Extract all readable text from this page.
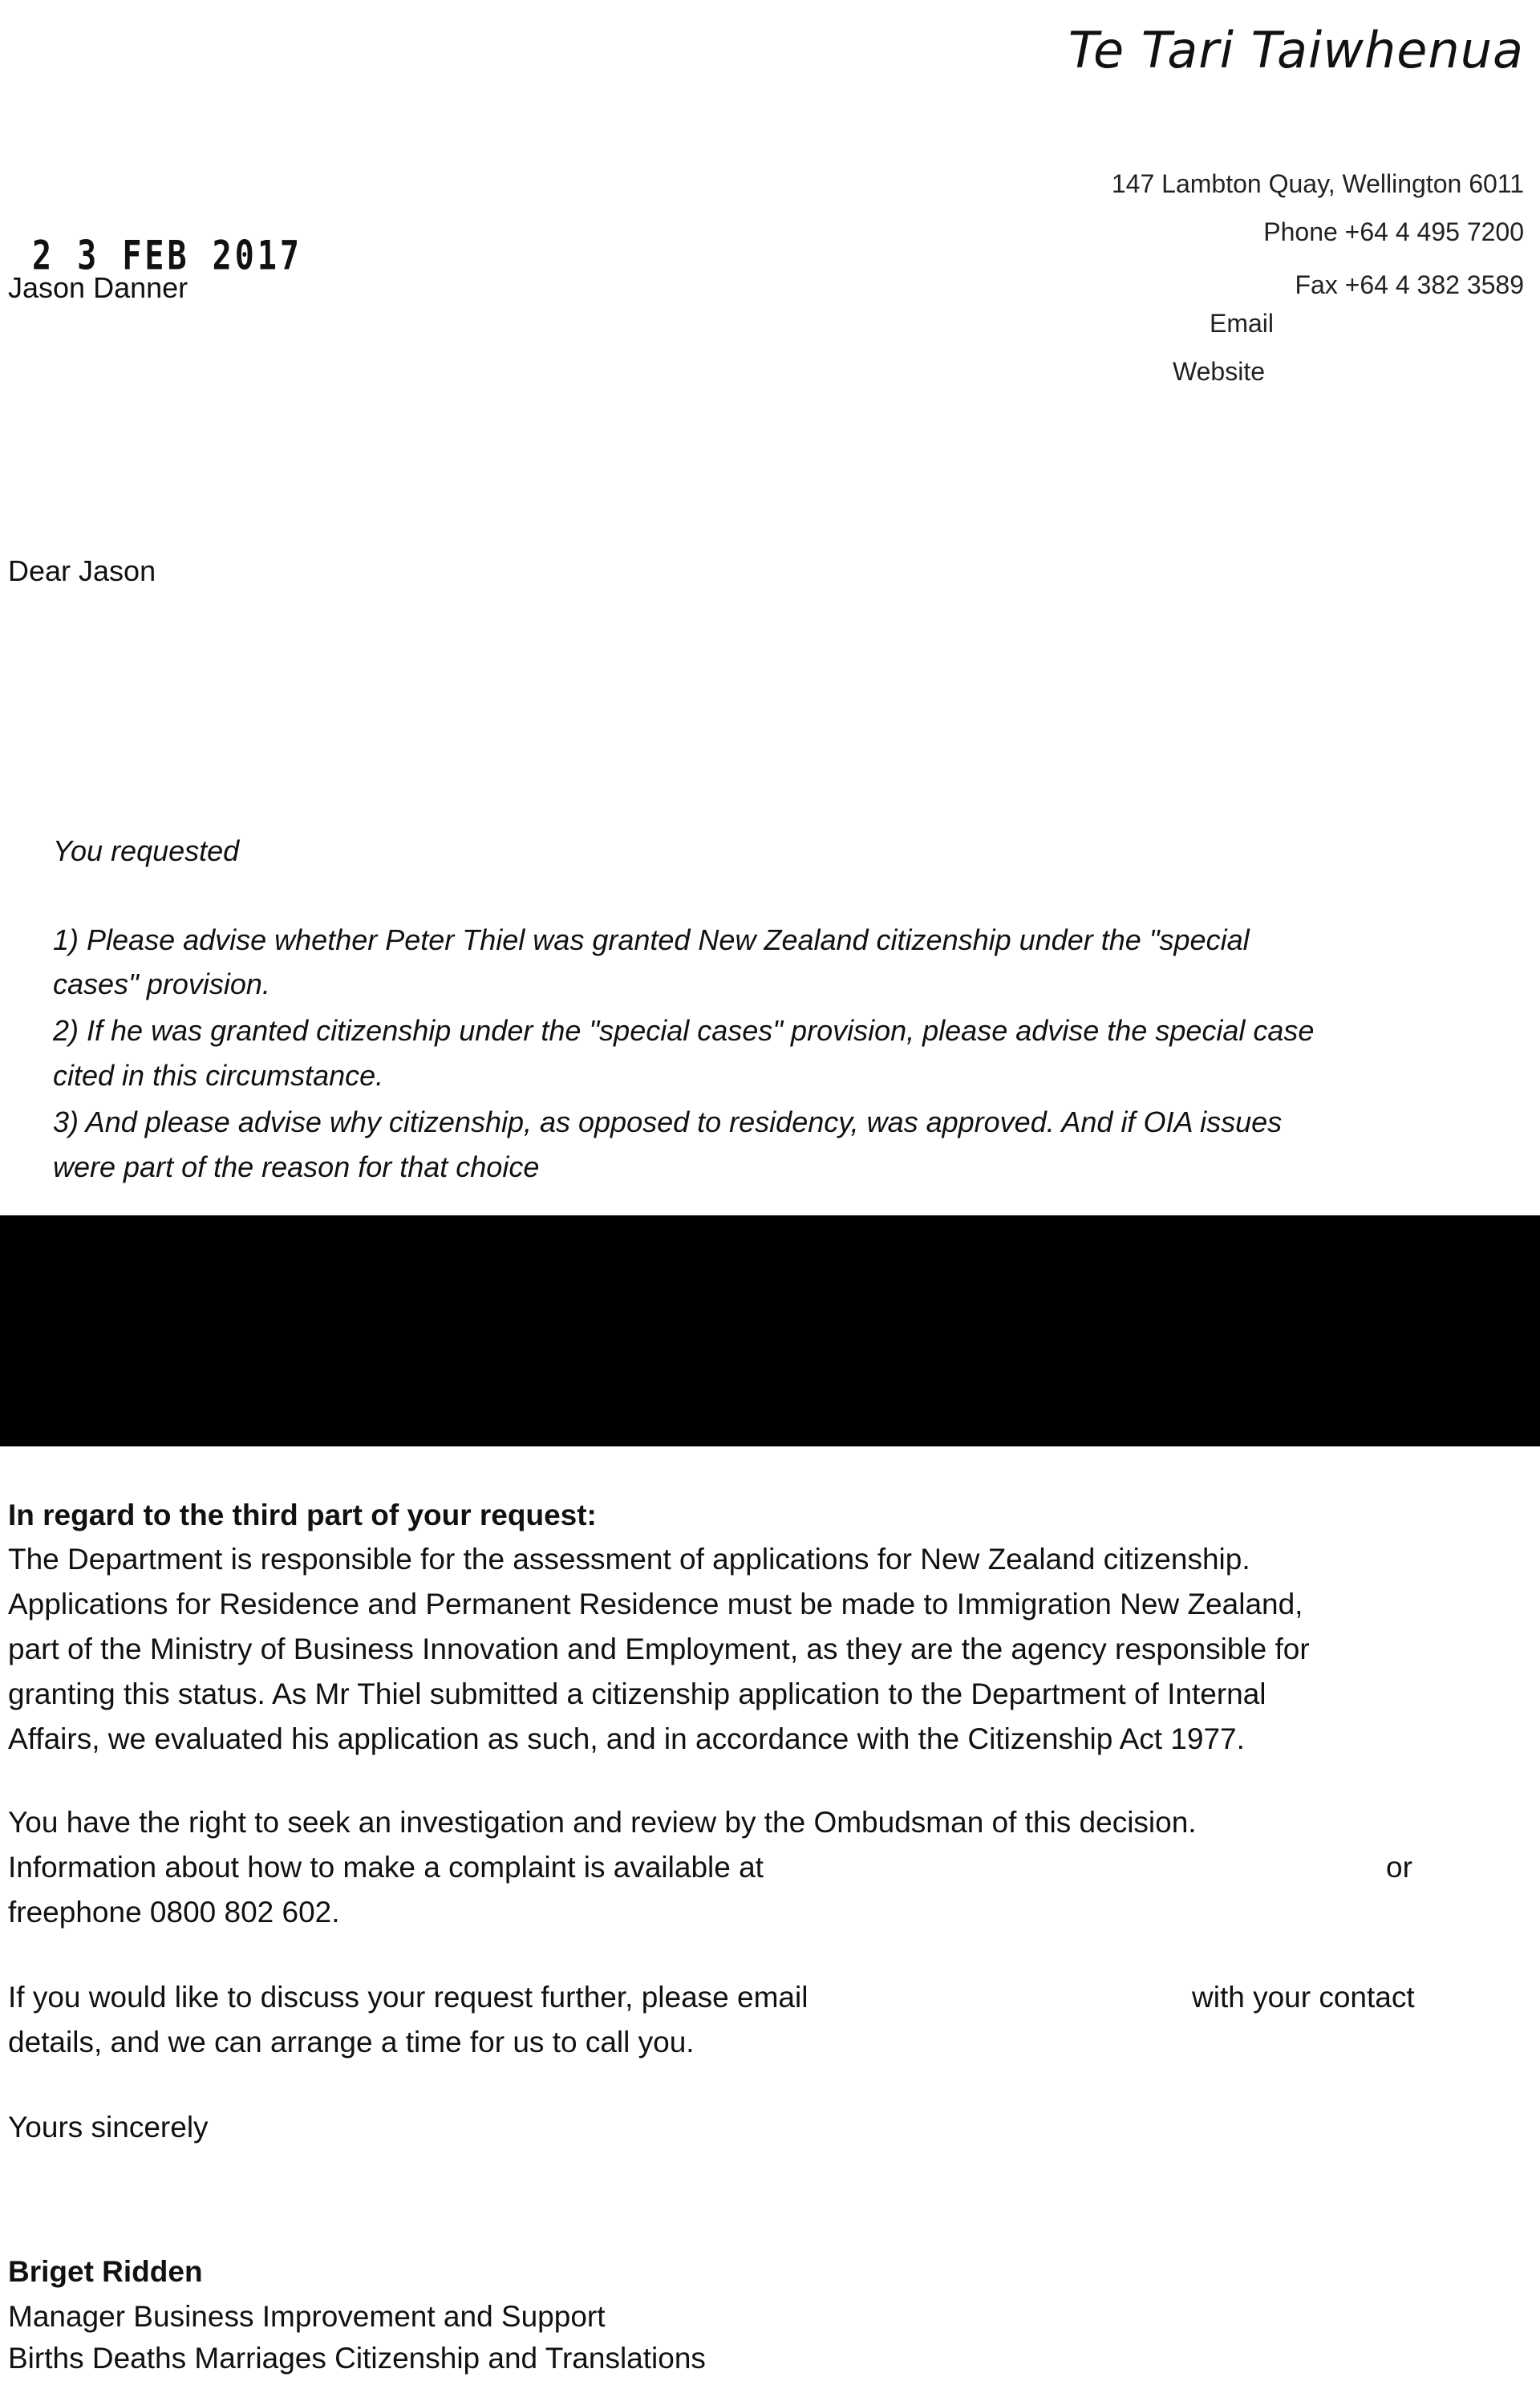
Te Tari Taiwhenua
147 Lambton Quay, Wellington 6011
Phone +64 4 495 7200
Fax +64 4 382 3589
Email
Website
2 3 FEB 2017
Jason Danner
Dear Jason
You requested
1) Please advise whether Peter Thiel was granted New Zealand citizenship under the "special
cases" provision.
2) If he was granted citizenship under the "special cases" provision, please advise the special case
cited in this circumstance.
3) And please advise why citizenship, as opposed to residency, was approved. And if OIA issues
were part of the reason for that choice
In regard to the third part of your request:
The Department is responsible for the assessment of applications for New Zealand citizenship.
Applications for Residence and Permanent Residence must be made to Immigration New Zealand,
part of the Ministry of Business Innovation and Employment, as they are the agency responsible for
granting this status. As Mr Thiel submitted a citizenship application to the Department of Internal
Affairs, we evaluated his application as such, and in accordance with the Citizenship Act 1977.
You have the right to seek an investigation and review by the Ombudsman of this decision.
Information about how to make a complaint is available at	or
freephone 0800 802 602.
If you would like to discuss your request further, please email	with your contact
details, and we can arrange a time for us to call you.
Yours sincerely
Briget Ridden
Manager Business Improvement and Support
Births Deaths Marriages Citizenship and Translations
